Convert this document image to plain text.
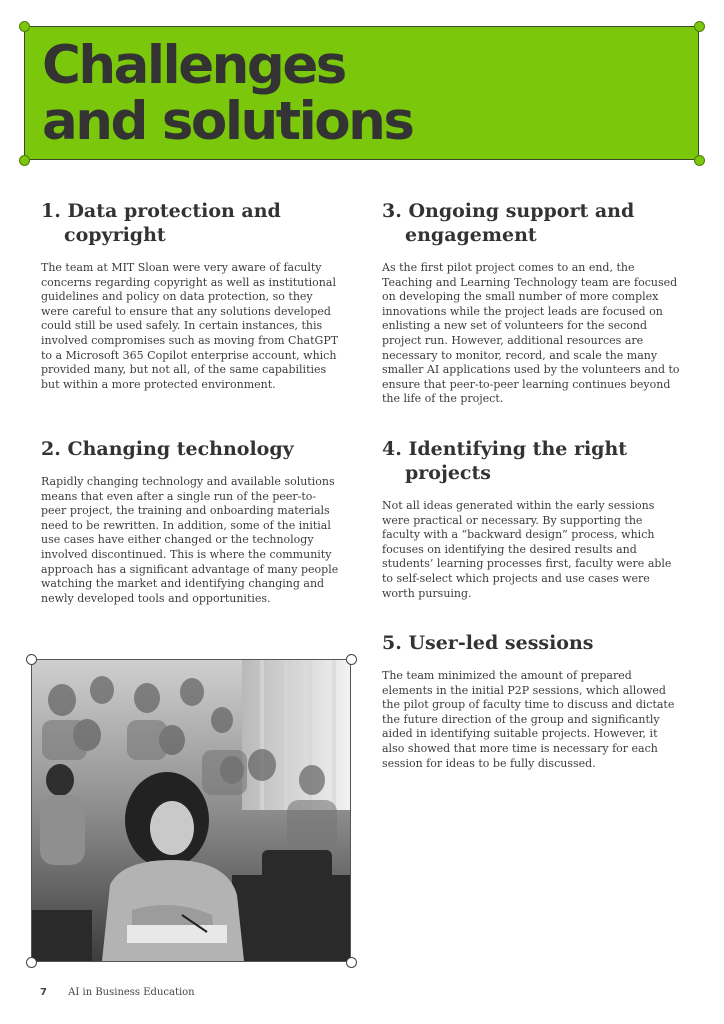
Challenges
and solutions
1. Data protection and copyright

The team at MIT Sloan were very aware of faculty concerns regarding copyright as well as institutional guidelines and policy on data protection, so they were careful to ensure that any solutions developed could still be used safely. In certain instances, this involved compromises such as moving from ChatGPT to a Microsoft 365 Copilot enterprise account, which provided many, but not all, of the same capabilities but within a more protected environment.

2. Changing technology

Rapidly changing technology and available solutions means that even after a single run of the peer-to-peer project, the training and onboarding materials need to be rewritten. In addition, some of the initial use cases have either changed or the technology involved discontinued. This is where the community approach has a significant advantage of many people watching the market and identifying changing and newly developed tools and opportunities.

3. Ongoing support and engagement

As the first pilot project comes to an end, the Teaching and Learning Technology team are focused on developing the small number of more complex innovations while the project leads are focused on enlisting a new set of volunteers for the second project run. However, additional resources are necessary to monitor, record, and scale the many smaller AI applications used by the volunteers and to ensure that peer-to-peer learning continues beyond the life of the project.

4. Identifying the right projects

Not all ideas generated within the early sessions were practical or necessary. By supporting the faculty with a “backward design” process, which focuses on identifying the desired results and students’ learning processes first, faculty were able to self-select which projects and use cases were worth pursuing.

5. User-led sessions

The team minimized the amount of prepared elements in the initial P2P sessions, which allowed the pilot group of faculty time to discuss and dictate the future direction of the group and significantly aided in identifying suitable projects. However, it also showed that more time is necessary for each session for ideas to be fully discussed.

7 AI in Business Education
